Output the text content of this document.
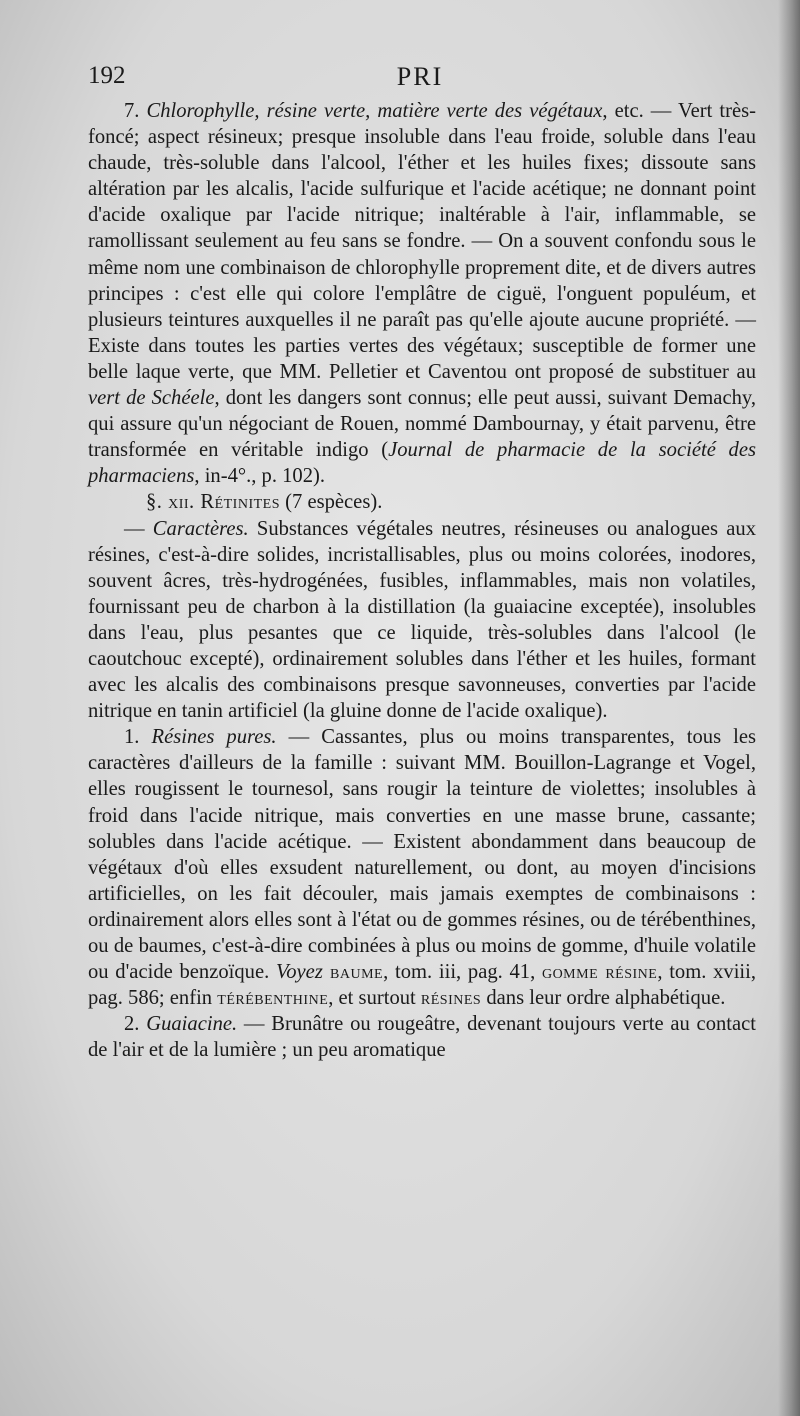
192	PRI

7. Chlorophylle, résine verte, matière verte des végétaux, etc. — Vert très-foncé; aspect résineux; presque insoluble dans l'eau froide, soluble dans l'eau chaude, très-soluble dans l'alcool, l'éther et les huiles fixes; dissoute sans altération par les alcalis, l'acide sulfurique et l'acide acétique; ne donnant point d'acide oxalique par l'acide nitrique; inaltérable à l'air, inflammable, se ramollissant seulement au feu sans se fondre. — On a souvent confondu sous le même nom une combinaison de chlorophylle proprement dite, et de divers autres principes : c'est elle qui colore l'emplâtre de ciguë, l'onguent populéum, et plusieurs teintures auxquelles il ne paraît pas qu'elle ajoute aucune propriété. — Existe dans toutes les parties vertes des végétaux; susceptible de former une belle laque verte, que MM. Pelletier et Caventou ont proposé de substituer au vert de Schéele, dont les dangers sont connus; elle peut aussi, suivant Demachy, qui assure qu'un négociant de Rouen, nommé Dambournay, y était parvenu, être transformée en véritable indigo (Journal de pharmacie de la société des pharmaciens, in-4°., p. 102).

§. xii. Rétinites (7 espèces).

— Caractères. Substances végétales neutres, résineuses ou analogues aux résines, c'est-à-dire solides, incristallisables, plus ou moins colorées, inodores, souvent âcres, très-hydrogénées, fusibles, inflammables, mais non volatiles, fournissant peu de charbon à la distillation (la guaiacine exceptée), insolubles dans l'eau, plus pesantes que ce liquide, très-solubles dans l'alcool (le caoutchouc excepté), ordinairement solubles dans l'éther et les huiles, formant avec les alcalis des combinaisons presque savonneuses, converties par l'acide nitrique en tanin artificiel (la gluine donne de l'acide oxalique).

1. Résines pures. — Cassantes, plus ou moins transparentes, tous les caractères d'ailleurs de la famille : suivant MM. Bouillon-Lagrange et Vogel, elles rougissent le tournesol, sans rougir la teinture de violettes; insolubles à froid dans l'acide nitrique, mais converties en une masse brune, cassante; solubles dans l'acide acétique. — Existent abondamment dans beaucoup de végétaux d'où elles exsudent naturellement, ou dont, au moyen d'incisions artificielles, on les fait découler, mais jamais exemptes de combinaisons : ordinairement alors elles sont à l'état ou de gommes résines, ou de térébenthines, ou de baumes, c'est-à-dire combinées à plus ou moins de gomme, d'huile volatile ou d'acide benzoïque. Voyez baume, tom. iii, pag. 41, gomme résine, tom. xviii, pag. 586; enfin térébenthine, et surtout résines dans leur ordre alphabétique.

2. Guaiacine. — Brunâtre ou rougeâtre, devenant toujours verte au contact de l'air et de la lumière ; un peu aromatique
